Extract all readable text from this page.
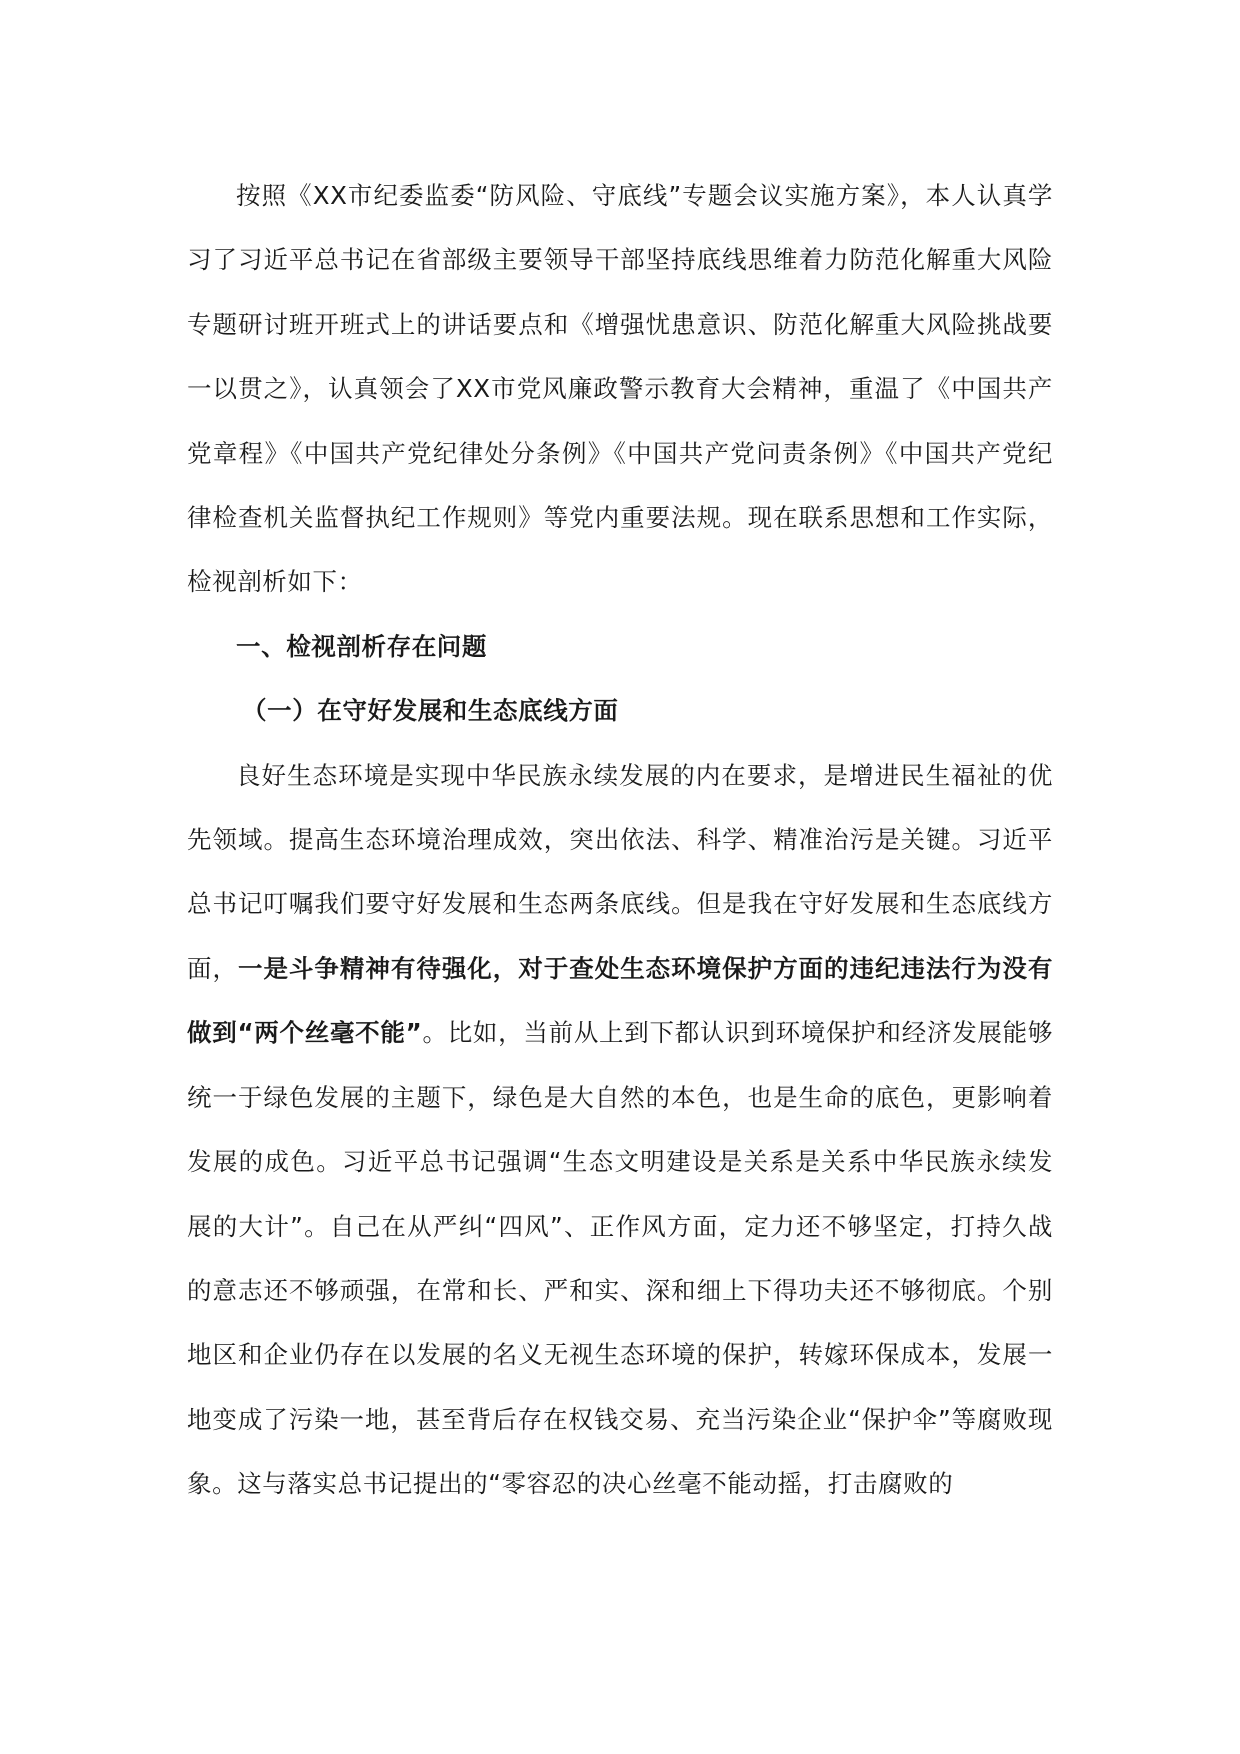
按照《XX市纪委监委“防风险、守底线”专题会议实施方案》，本人认真学习了习近平总书记在省部级主要领导干部坚持底线思维着力防范化解重大风险专题研讨班开班式上的讲话要点和《增强忧患意识、防范化解重大风险挑战要一以贯之》，认真领会了XX市党风廉政警示教育大会精神，重温了《中国共产党章程》《中国共产党纪律处分条例》《中国共产党问责条例》《中国共产党纪律检查机关监督执纪工作规则》等党内重要法规。现在联系思想和工作实际，检视剖析如下：

一、检视剖析存在问题

（一）在守好发展和生态底线方面

良好生态环境是实现中华民族永续发展的内在要求，是增进民生福祉的优先领域。提高生态环境治理成效，突出依法、科学、精准治污是关键。习近平总书记叮嘱我们要守好发展和生态两条底线。但是我在守好发展和生态底线方面，一是斗争精神有待强化，对于查处生态环境保护方面的违纪违法行为没有做到“两个丝毫不能”。比如，当前从上到下都认识到环境保护和经济发展能够统一于绿色发展的主题下，绿色是大自然的本色，也是生命的底色，更影响着发展的成色。习近平总书记强调“生态文明建设是关系是关系中华民族永续发展的大计”。自己在从严纠“四风”、正作风方面，定力还不够坚定，打持久战的意志还不够顽强，在常和长、严和实、深和细上下得功夫还不够彻底。个别地区和企业仍存在以发展的名义无视生态环境的保护，转嫁环保成本，发展一地变成了污染一地，甚至背后存在权钱交易、充当污染企业“保护伞”等腐败现象。这与落实总书记提出的“零容忍的决心丝毫不能动摇，打击腐败的
